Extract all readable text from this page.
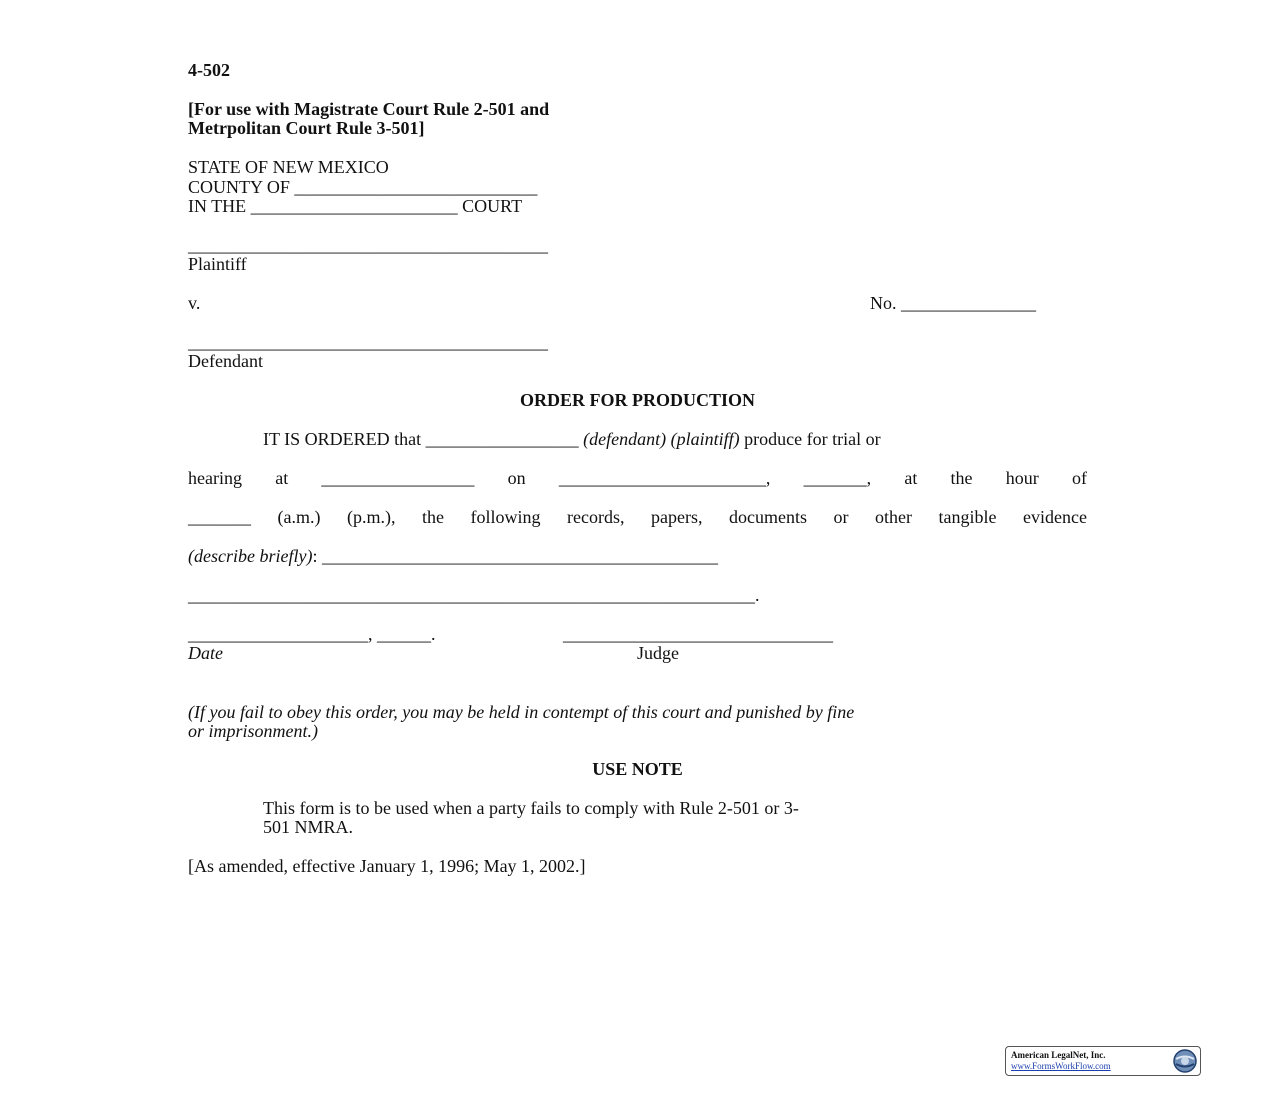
4-502
[For use with Magistrate Court Rule 2-501 and
Metrpolitan Court Rule 3-501]
STATE OF NEW MEXICO
COUNTY OF ___________________________
IN THE _______________________ COURT
________________________________________
Plaintiff
v.	No. _______________
________________________________________
Defendant
ORDER FOR PRODUCTION
IT IS ORDERED that _________________ (defendant) (plaintiff) produce for trial or
hearing at _________________ on _______________________, _______, at the hour of
_______ (a.m.) (p.m.), the following records, papers, documents or other tangible evidence
(describe briefly): ____________________________________________
_______________________________________________________________.
____________________, ______.	______________________________
Date	Judge
(If you fail to obey this order, you may be held in contempt of this court and punished by fine
or imprisonment.)
USE NOTE
This form is to be used when a party fails to comply with Rule 2-501 or 3-
501 NMRA.
[As amended, effective January 1, 1996; May 1, 2002.]
American LegalNet, Inc.
www.FormsWorkFlow.com
